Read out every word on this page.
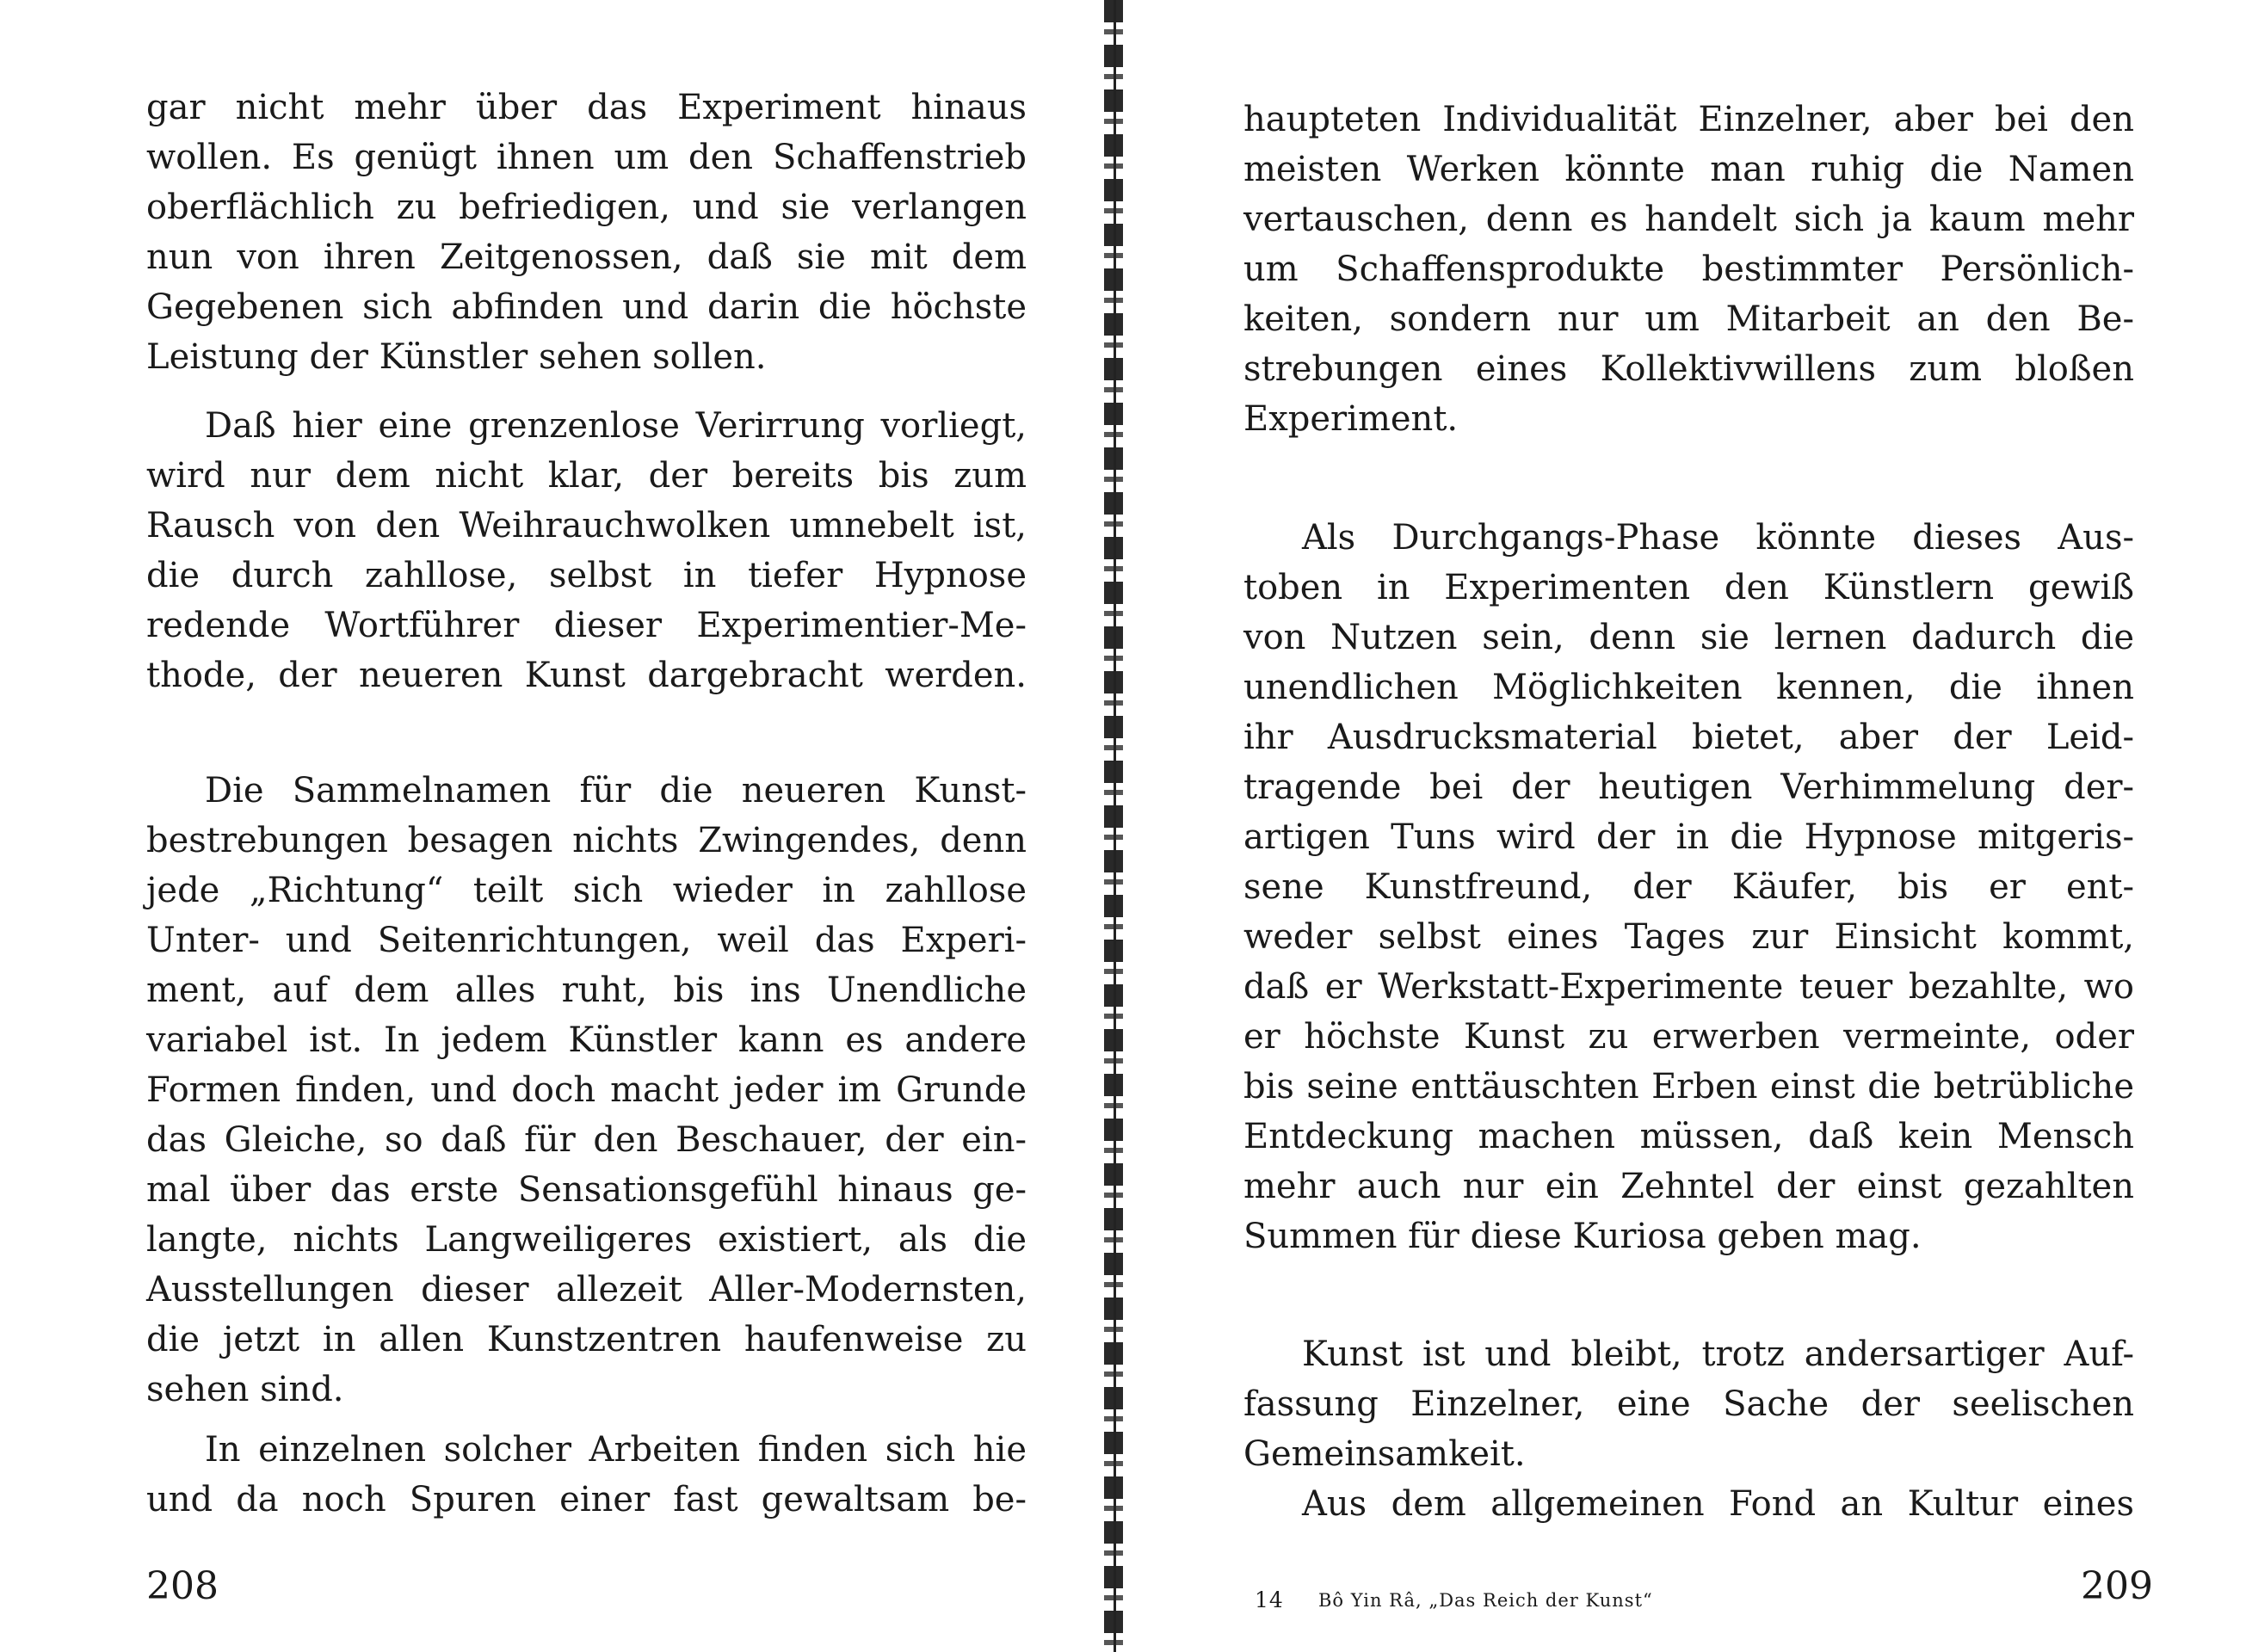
gar nicht mehr über das Experiment hinaus
wollen. Es genügt ihnen um den Schaffenstrieb
oberflächlich zu befriedigen, und sie verlangen
nun von ihren Zeitgenossen, daß sie mit dem
Gegebenen sich abfinden und darin die höchste
Leistung der Künstler sehen sollen.
Daß hier eine grenzenlose Verirrung vorliegt,
wird nur dem nicht klar, der bereits bis zum
Rausch von den Weihrauchwolken umnebelt ist,
die durch zahllose, selbst in tiefer Hypnose
redende Wortführer dieser Experimentier-Me-
thode, der neueren Kunst dargebracht werden.
Die Sammelnamen für die neueren Kunst-
bestrebungen besagen nichts Zwingendes, denn
jede „Richtung“ teilt sich wieder in zahllose
Unter- und Seitenrichtungen, weil das Experi-
ment, auf dem alles ruht, bis ins Unendliche
variabel ist. In jedem Künstler kann es andere
Formen finden, und doch macht jeder im Grunde
das Gleiche, so daß für den Beschauer, der ein-
mal über das erste Sensationsgefühl hinaus ge-
langte, nichts Langweiligeres existiert, als die
Ausstellungen dieser allezeit Aller-Modernsten,
die jetzt in allen Kunstzentren haufenweise zu
sehen sind.
In einzelnen solcher Arbeiten finden sich hie
und da noch Spuren einer fast gewaltsam be-
208
haupteten Individualität Einzelner, aber bei den
meisten Werken könnte man ruhig die Namen
vertauschen, denn es handelt sich ja kaum mehr
um Schaffensprodukte bestimmter Persönlich-
keiten, sondern nur um Mitarbeit an den Be-
strebungen eines Kollektivwillens zum bloßen
Experiment.
Als Durchgangs-Phase könnte dieses Aus-
toben in Experimenten den Künstlern gewiß
von Nutzen sein, denn sie lernen dadurch die
unendlichen Möglichkeiten kennen, die ihnen
ihr Ausdrucksmaterial bietet, aber der Leid-
tragende bei der heutigen Verhimmelung der-
artigen Tuns wird der in die Hypnose mitgeris-
sene Kunstfreund, der Käufer, bis er ent-
weder selbst eines Tages zur Einsicht kommt,
daß er Werkstatt-Experimente teuer bezahlte, wo
er höchste Kunst zu erwerben vermeinte, oder
bis seine enttäuschten Erben einst die betrübliche
Entdeckung machen müssen, daß kein Mensch
mehr auch nur ein Zehntel der einst gezahlten
Summen für diese Kuriosa geben mag.
Kunst ist und bleibt, trotz andersartiger Auf-
fassung Einzelner, eine Sache der seelischen
Gemeinsamkeit.
Aus dem allgemeinen Fond an Kultur eines
14 Bô Yin Râ, „Das Reich der Kunst“	209
